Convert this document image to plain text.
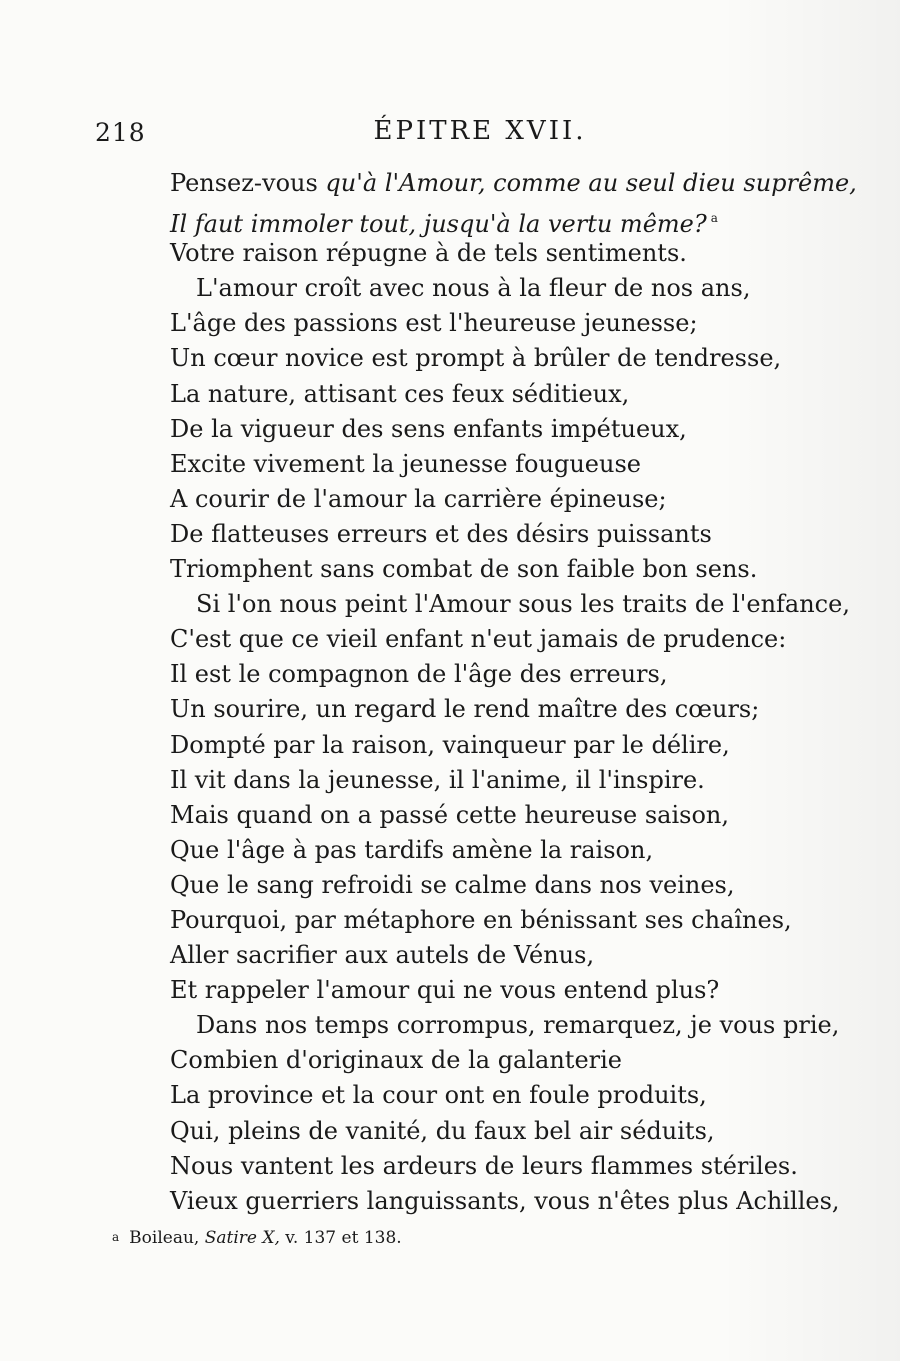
218	ÉPITRE XVII.
Pensez-vous qu'à l'Amour, comme au seul dieu suprême,
Il faut immoler tout, jusqu'à la vertu même? $^a$
Votre raison répugne à de tels sentiments.
L'amour croît avec nous à la fleur de nos ans,
L'âge des passions est l'heureuse jeunesse;
Un cœur novice est prompt à brûler de tendresse,
La nature, attisant ces feux séditieux,
De la vigueur des sens enfants impétueux,
Excite vivement la jeunesse fougueuse
A courir de l'amour la carrière épineuse;
De flatteuses erreurs et des désirs puissants
Triomphent sans combat de son faible bon sens.
Si l'on nous peint l'Amour sous les traits de l'enfance,
C'est que ce vieil enfant n'eut jamais de prudence:
Il est le compagnon de l'âge des erreurs,
Un sourire, un regard le rend maître des cœurs;
Dompté par la raison, vainqueur par le délire,
Il vit dans la jeunesse, il l'anime, il l'inspire.
Mais quand on a passé cette heureuse saison,
Que l'âge à pas tardifs amène la raison,
Que le sang refroidi se calme dans nos veines,
Pourquoi, par métaphore en bénissant ses chaînes,
Aller sacrifier aux autels de Vénus,
Et rappeler l'amour qui ne vous entend plus?
Dans nos temps corrompus, remarquez, je vous prie,
Combien d'originaux de la galanterie
La province et la cour ont en foule produits,
Qui, pleins de vanité, du faux bel air séduits,
Nous vantent les ardeurs de leurs flammes stériles.
Vieux guerriers languissants, vous n'êtes plus Achilles,
a Boileau, Satire X, v. 137 et 138.
